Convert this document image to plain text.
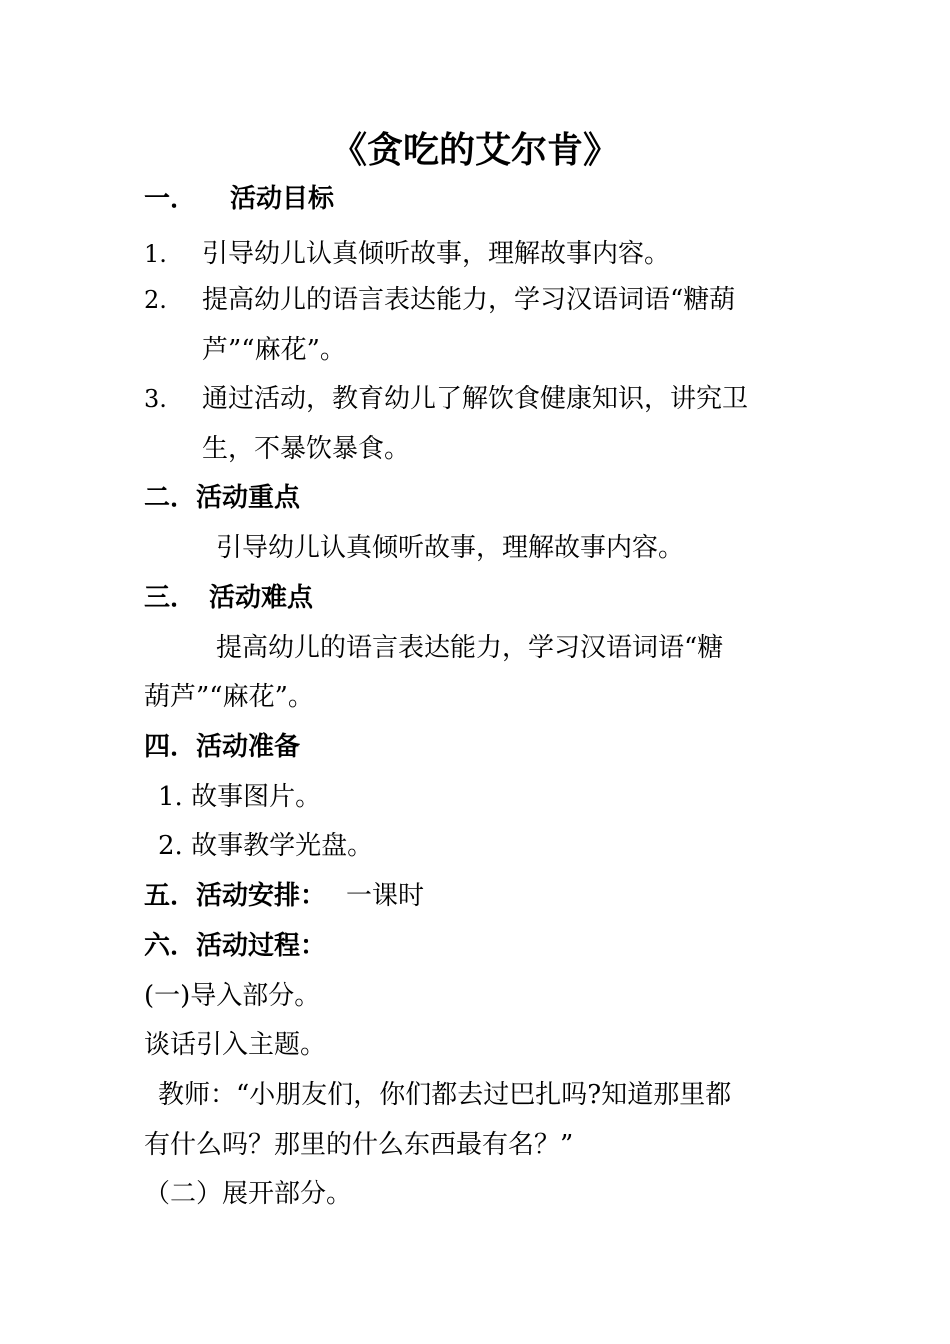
《贪吃的艾尔肯》
一． 活动目标
1. 引导幼儿认真倾听故事，理解故事内容。
2. 提高幼儿的语言表达能力，学习汉语词语“糖葫
芦”“麻花”。
3. 通过活动，教育幼儿了解饮食健康知识，讲究卫
生，不暴饮暴食。
二．活动重点
引导幼儿认真倾听故事，理解故事内容。
三． 活动难点
提高幼儿的语言表达能力，学习汉语词语“糖
葫芦”“麻花”。
四．活动准备
1. 故事图片。
2. 故事教学光盘。
五．活动安排： 一课时
六．活动过程：
(一)导入部分。
谈话引入主题。
教师：“小朋友们，你们都去过巴扎吗?知道那里都
有什么吗？那里的什么东西最有名？”
（二）展开部分。
